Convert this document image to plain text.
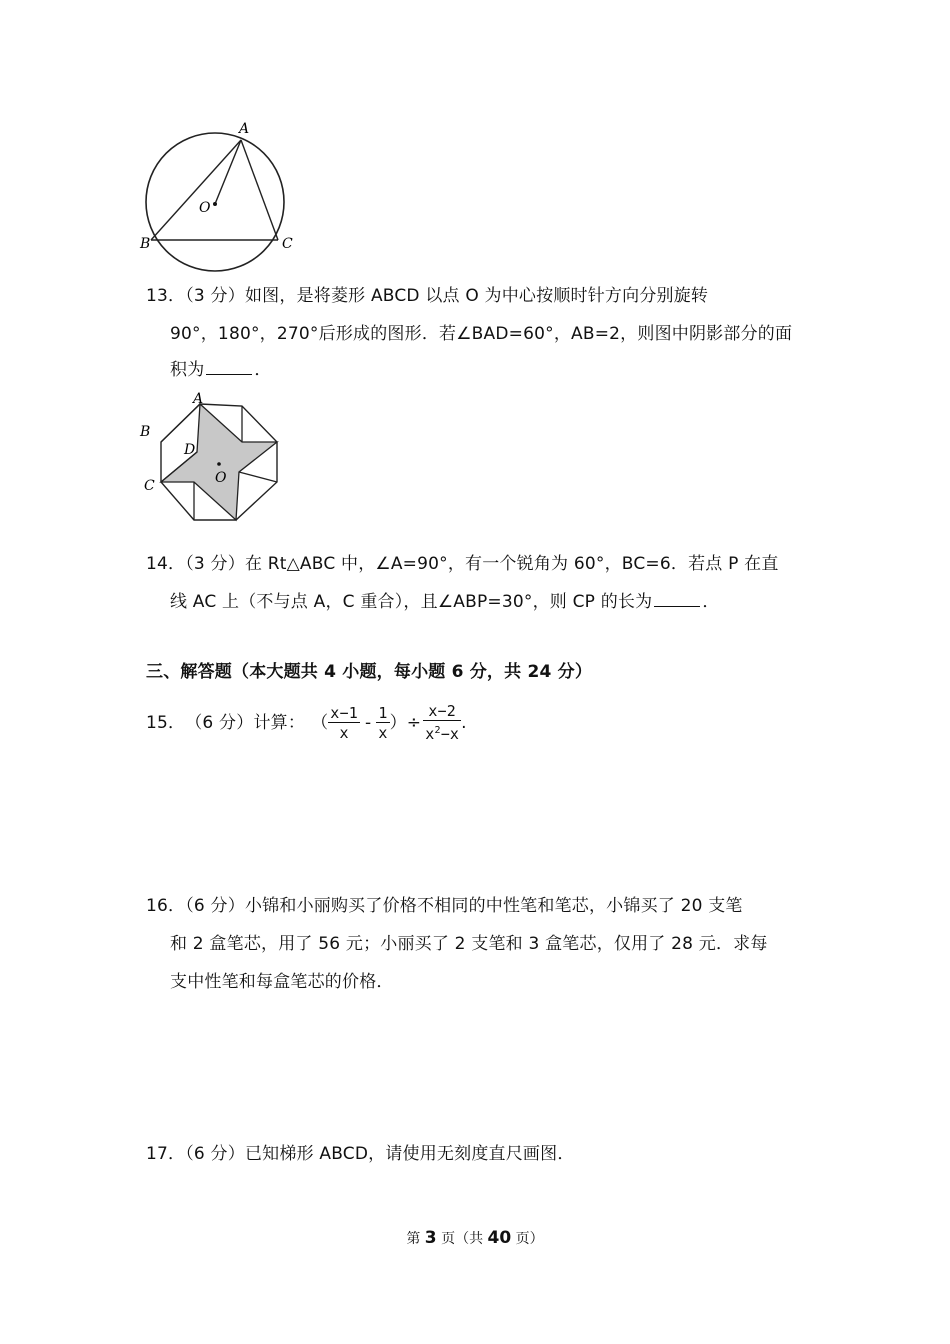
A
B	C
O
13．（3 分）如图，是将菱形 ABCD 以点 O 为中心按顺时针方向分别旋转
90°，180°，270°后形成的图形．若∠BAD=60°，AB=2，则图中阴影部分的面
积为	．
A
B
D
C	O
14．（3 分）在 Rt△ABC 中，∠A=90°，有一个锐角为 60°，BC=6．若点 P 在直
线 AC 上（不与点 A，C 重合），且∠ABP=30°，则 CP 的长为	．
三、解答题（本大题共 4 小题，每小题 6 分，共 24 分）
15． （6 分） 计算： （ $\frac{x-1}{x} - \frac{1}{x}$ ）÷ $\frac{x-2}{x^2-x}$ .
16．（6 分）小锦和小丽购买了价格不相同的中性笔和笔芯，小锦买了 20 支笔
和 2 盒笔芯，用了 56 元；小丽买了 2 支笔和 3 盒笔芯，仅用了 28 元．求每
支中性笔和每盒笔芯的价格．
17．（6 分）已知梯形 ABCD，请使用无刻度直尺画图．
第 3 页（共 40 页）
